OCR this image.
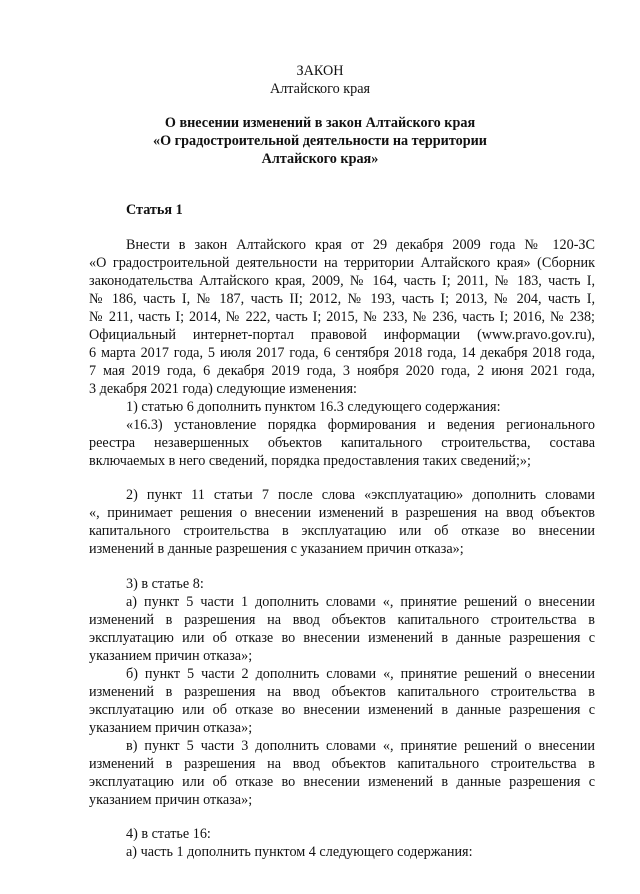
ЗАКОН
Алтайского края
О внесении изменений в закон Алтайского края
«О градостроительной деятельности на территории
Алтайского края»
Статья 1
Внести в закон Алтайского края от 29 декабря 2009 года № 120-ЗС
«О градостроительной деятельности на территории Алтайского края» (Сборник
законодательства Алтайского края, 2009, № 164, часть I; 2011, № 183, часть I,
№ 186, часть I, № 187, часть II; 2012, № 193, часть I; 2013, № 204, часть I,
№ 211, часть I; 2014, № 222, часть I; 2015, № 233, № 236, часть I; 2016, № 238;
Официальный интернет-портал правовой информации (www.pravo.gov.ru),
6 марта 2017 года, 5 июля 2017 года, 6 сентября 2018 года, 14 декабря 2018 года,
7 мая 2019 года, 6 декабря 2019 года, 3 ноября 2020 года, 2 июня 2021 года,
3 декабря 2021 года) следующие изменения:
1) статью 6 дополнить пунктом 16.3 следующего содержания:
«16.3) установление порядка формирования и ведения регионального
реестра незавершенных объектов капитального строительства, состава
включаемых в него сведений, порядка предоставления таких сведений;»;
2) пункт 11 статьи 7 после слова «эксплуатацию» дополнить словами
«, принимает решения о внесении изменений в разрешения на ввод объектов
капитального строительства в эксплуатацию или об отказе во внесении
изменений в данные разрешения с указанием причин отказа»;
3) в статье 8:
а) пункт 5 части 1 дополнить словами «, принятие решений о внесении
изменений в разрешения на ввод объектов капитального строительства в
эксплуатацию или об отказе во внесении изменений в данные разрешения с
указанием причин отказа»;
б) пункт 5 части 2 дополнить словами «, принятие решений о внесении
изменений в разрешения на ввод объектов капитального строительства в
эксплуатацию или об отказе во внесении изменений в данные разрешения с
указанием причин отказа»;
в) пункт 5 части 3 дополнить словами «, принятие решений о внесении
изменений в разрешения на ввод объектов капитального строительства в
эксплуатацию или об отказе во внесении изменений в данные разрешения с
указанием причин отказа»;
4) в статье 16:
а) часть 1 дополнить пунктом 4 следующего содержания:
